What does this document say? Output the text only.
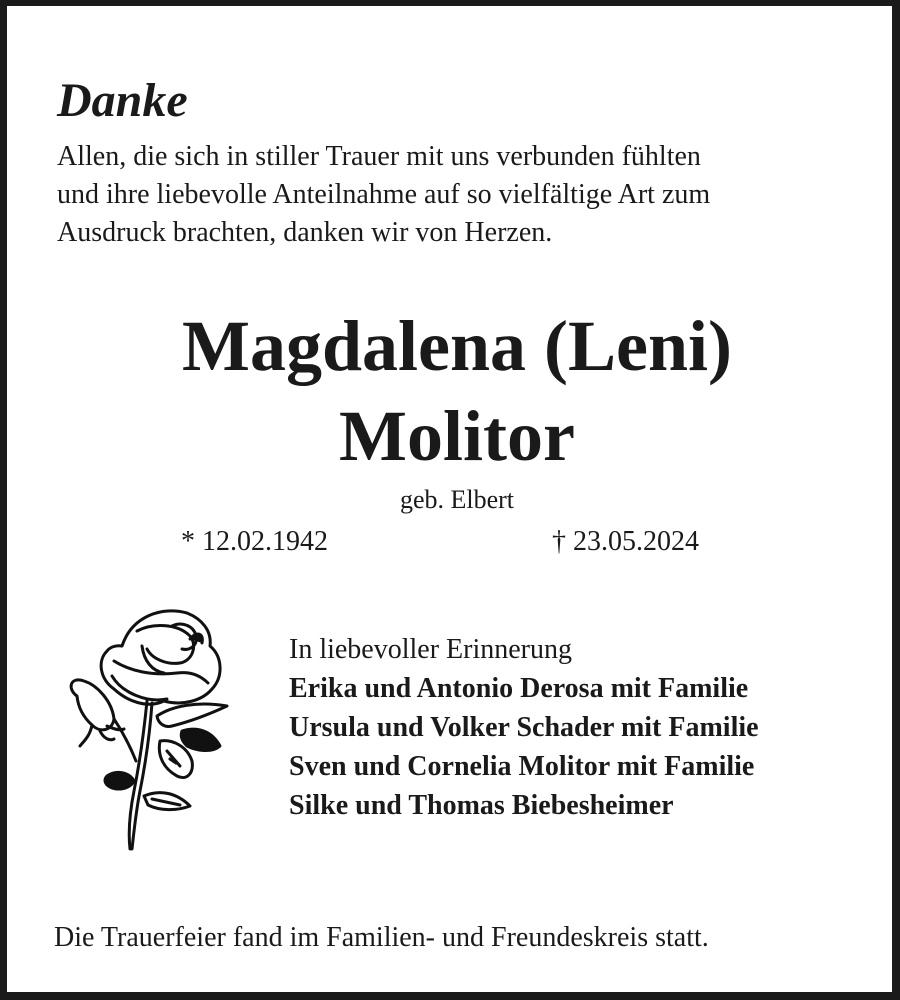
Danke
Allen, die sich in stiller Trauer mit uns verbunden fühlten
und ihre liebevolle Anteilnahme auf so vielfältige Art zum
Ausdruck brachten, danken wir von Herzen.
Magdalena (Leni)
Molitor
geb. Elbert
* 12.02.1942	† 23.05.2024
In liebevoller Erinnerung
Erika und Antonio Derosa mit Familie
Ursula und Volker Schader mit Familie
Sven und Cornelia Molitor mit Familie
Silke und Thomas Biebesheimer
Die Trauerfeier fand im Familien- und Freundeskreis statt.
